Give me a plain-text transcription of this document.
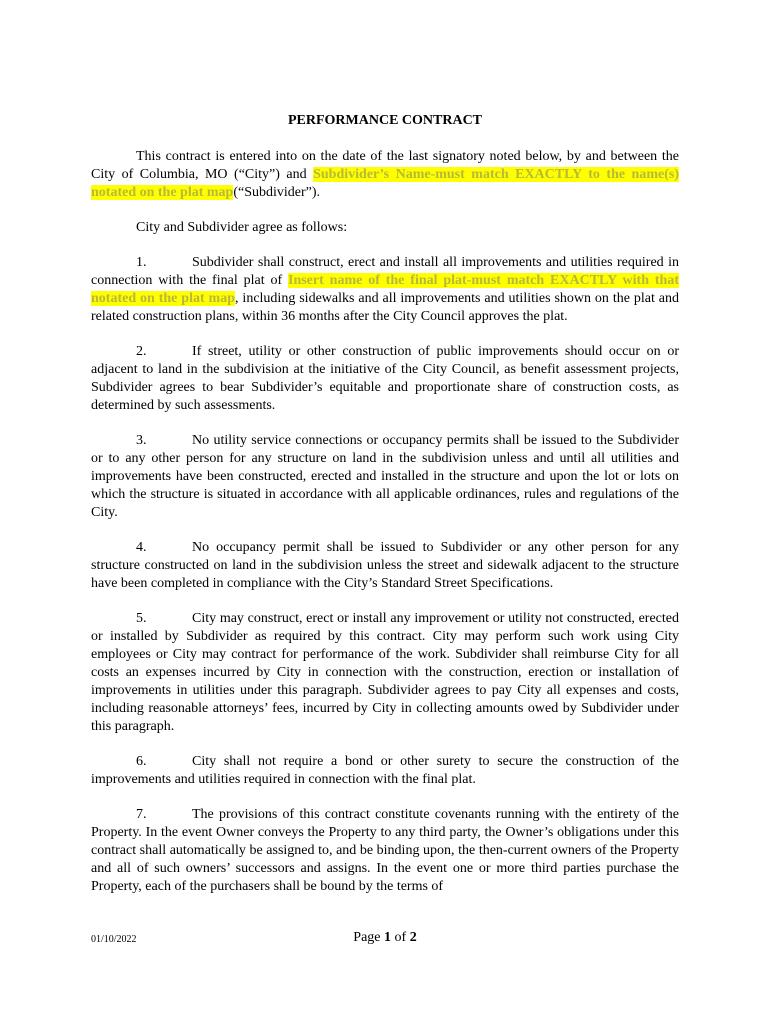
PERFORMANCE CONTRACT

This contract is entered into on the date of the last signatory noted below, by and between the City of Columbia, MO (“City”) and Subdivider’s Name-must match EXACTLY to the name(s) notated on the plat map(“Subdivider”).

City and Subdivider agree as follows:

1.	Subdivider shall construct, erect and install all improvements and utilities required in connection with the final plat of Insert name of the final plat-must match EXACTLY with that notated on the plat map, including sidewalks and all improvements and utilities shown on the plat and related construction plans, within 36 months after the City Council approves the plat.

2.	If street, utility or other construction of public improvements should occur on or adjacent to land in the subdivision at the initiative of the City Council, as benefit assessment projects, Subdivider agrees to bear Subdivider’s equitable and proportionate share of construction costs, as determined by such assessments.

3.	No utility service connections or occupancy permits shall be issued to the Subdivider or to any other person for any structure on land in the subdivision unless and until all utilities and improvements have been constructed, erected and installed in the structure and upon the lot or lots on which the structure is situated in accordance with all applicable ordinances, rules and regulations of the City.

4.	No occupancy permit shall be issued to Subdivider or any other person for any structure constructed on land in the subdivision unless the street and sidewalk adjacent to the structure have been completed in compliance with the City’s Standard Street Specifications.

5.	City may construct, erect or install any improvement or utility not constructed, erected or installed by Subdivider as required by this contract. City may perform such work using City employees or City may contract for performance of the work. Subdivider shall reimburse City for all costs an expenses incurred by City in connection with the construction, erection or installation of improvements in utilities under this paragraph. Subdivider agrees to pay City all expenses and costs, including reasonable attorneys’ fees, incurred by City in collecting amounts owed by Subdivider under this paragraph.

6.	City shall not require a bond or other surety to secure the construction of the improvements and utilities required in connection with the final plat.

7.	The provisions of this contract constitute covenants running with the entirety of the Property. In the event Owner conveys the Property to any third party, the Owner’s obligations under this contract shall automatically be assigned to, and be binding upon, the then-current owners of the Property and all of such owners’ successors and assigns. In the event one or more third parties purchase the Property, each of the purchasers shall be bound by the terms of

01/10/2022	Page 1 of 2
